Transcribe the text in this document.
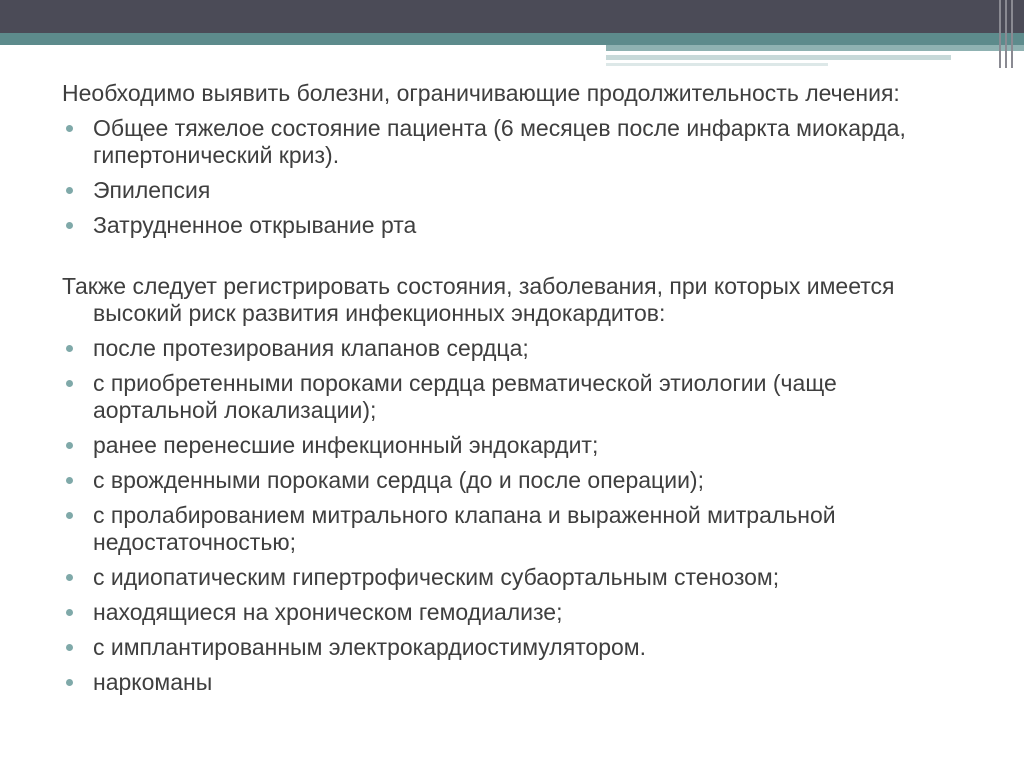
Необходимо выявить болезни, ограничивающие продолжительность лечения:

Общее тяжелое состояние пациента (6 месяцев после инфаркта миокарда, гипертонический криз).
Эпилепсия
Затрудненное открывание рта

Также следует регистрировать состояния, заболевания, при которых имеется высокий риск развития инфекционных эндокардитов:

после протезирования клапанов сердца;
с приобретенными пороками сердца ревматической этиологии (чаще аортальной локализации);
ранее перенесшие инфекционный эндокардит;
с врожденными пороками сердца (до и после операции);
с пролабированием митрального клапана и выраженной митральной недостаточностью;
с идиопатическим гипертрофическим субаортальным стенозом;
находящиеся на хроническом гемодиализе;
с имплантированным электрокардиостимулятором.
наркоманы
